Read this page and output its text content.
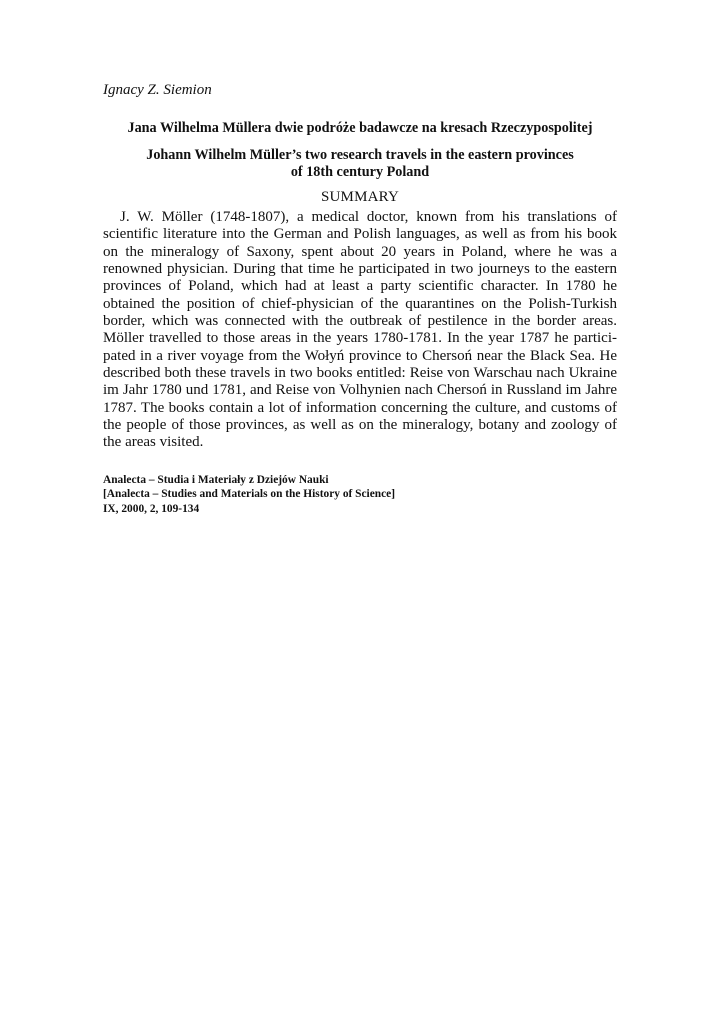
Ignacy Z. Siemion

Jana Wilhelma Müllera dwie podróże badawcze na kresach Rzeczypospolitej

Johann Wilhelm Müller’s two research travels in the eastern provinces
of 18th century Poland

SUMMARY

J. W. Möller (1748-1807), a medical doctor, known from his translations of scientific literature into the German and Polish languages, as well as from his book on the mineralogy of Saxony, spent about 20 years in Poland, where he was a renowned physician. During that time he participated in two journeys to the eastern provinces of Poland, which had at least a party scientific character. In 1780 he obtained the position of chief-physician of the quarantines on the Polish-Turkish border, which was connected with the outbreak of pestilence in the border areas. Möller travelled to those areas in the years 1780-1781. In the year 1787 he participated in a river voyage from the Wołyń province to Chersoń near the Black Sea. He described both these travels in two books entitled: Reise von Warschau nach Ukraine im Jahr 1780 und 1781, and Reise von Volhynien nach Chersoń in Russland im Jahre 1787. The books contain a lot of information concerning the culture, and customs of the people of those provinces, as well as on the mineralogy, botany and zoology of the areas visited.

Analecta – Studia i Materiały z Dziejów Nauki
[Analecta – Studies and Materials on the History of Science]
IX, 2000, 2, 109-134
